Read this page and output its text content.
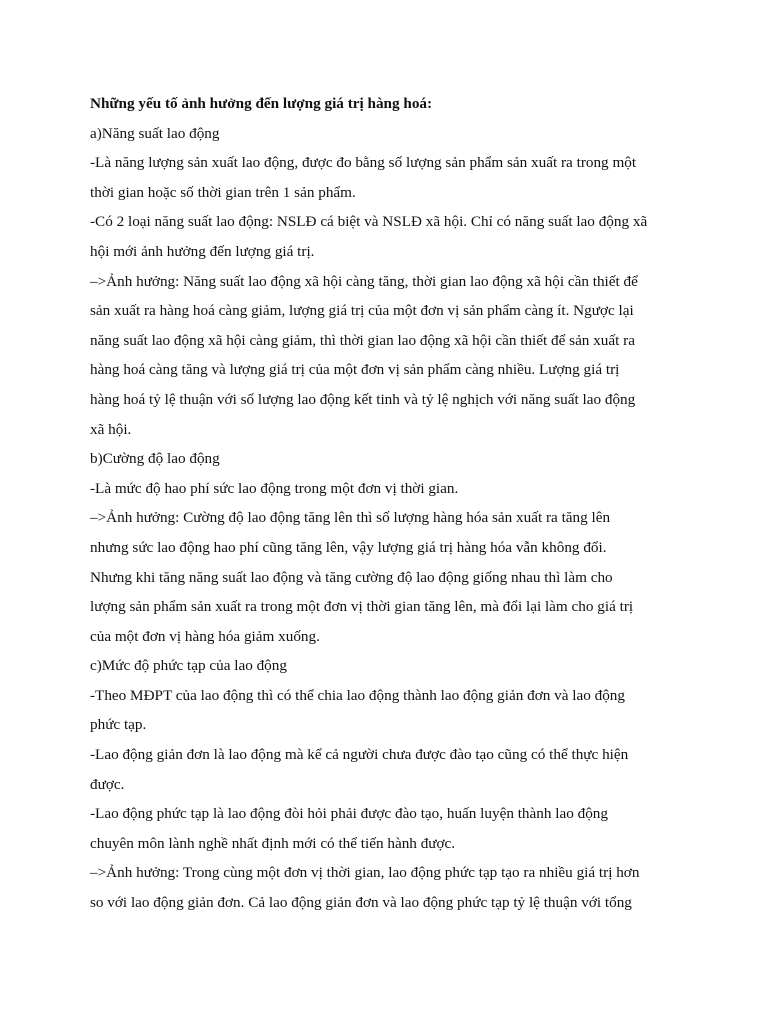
Những yếu tố ảnh hưởng đến lượng giá trị hàng hoá:

a)Năng suất lao động

-Là năng lượng sản xuất lao động, được đo bằng số lượng sản phẩm sản xuất ra trong một

thời gian hoặc số thời gian trên 1 sản phẩm.

-Có 2 loại năng suất lao động: NSLĐ cá biệt và NSLĐ xã hội. Chỉ có năng suất lao động xã

hội mới ảnh hưởng đến lượng giá trị.

–>Ảnh hưởng: Năng suất lao động xã hội càng tăng, thời gian lao động xã hội cần thiết để

sản xuất ra hàng hoá càng giảm, lượng giá trị của một đơn vị sản phẩm càng ít. Ngược lại

năng suất lao động xã hội càng giảm, thì thời gian lao động xã hội cần thiết để sản xuất ra

hàng hoá càng tăng và lượng giá trị của một đơn vị sản phẩm càng nhiều. Lượng giá trị

hàng hoá tỷ lệ thuận với số lượng lao động kết tinh và tỷ lệ nghịch với năng suất lao động

xã hội.

b)Cường độ lao động

-Là mức độ hao phí sức lao động trong một đơn vị thời gian.

–>Ảnh hưởng: Cường độ lao động tăng lên thì số lượng hàng hóa sản xuất ra tăng lên

nhưng sức lao động hao phí cũng tăng lên, vậy lượng giá trị hàng hóa vẫn không đổi.

Nhưng khi tăng năng suất lao động và tăng cường độ lao động giống nhau thì làm cho

lượng sản phẩm sản xuất ra trong một đơn vị thời gian tăng lên, mà đổi lại làm cho giá trị

của một đơn vị hàng hóa giảm xuống.

c)Mức độ phức tạp của lao động

-Theo MĐPT của lao động thì có thể chia lao động thành lao động giản đơn và lao động

phức tạp.

-Lao động giản đơn là lao động mà kể cả người chưa được đào tạo cũng có thể thực hiện

được.

-Lao động phức tạp là lao động đòi hỏi phải được đào tạo, huấn luyện thành lao động

chuyên môn lành nghề nhất định mới có thể tiến hành được.

–>Ảnh hưởng: Trong cùng một đơn vị thời gian, lao động phức tạp tạo ra nhiều giá trị hơn

so với lao động giản đơn. Cả lao động giản đơn và lao động phức tạp tỷ lệ thuận với tổng
